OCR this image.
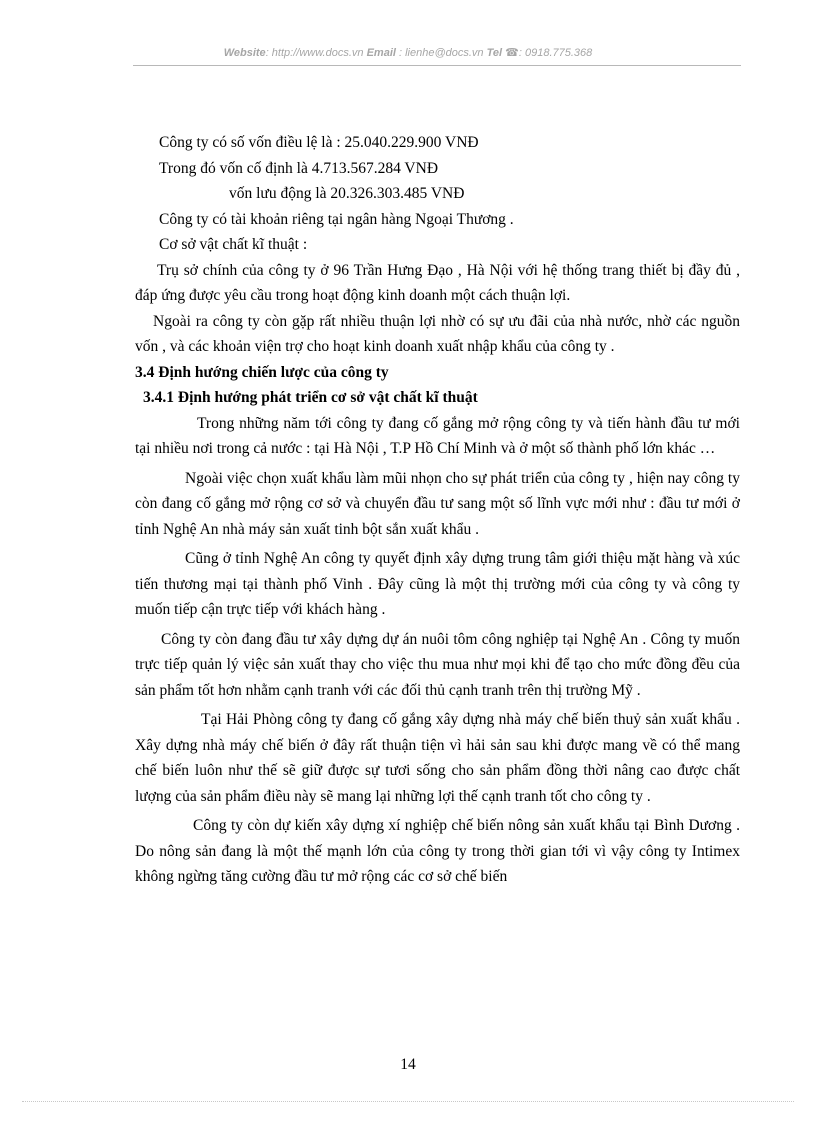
Website: http://www.docs.vn Email : lienhe@docs.vn Tel ☎: 0918.775.368

Công ty có số vốn điều lệ là : 25.040.229.900 VNĐ

Trong đó vốn cố định là 4.713.567.284 VNĐ

vốn lưu động là 20.326.303.485 VNĐ

Công ty có tài khoản riêng tại ngân hàng Ngoại Thương .

Cơ sở vật chất kĩ thuật :

Trụ sở chính của công ty ở 96 Trần Hưng Đạo , Hà Nội với hệ thống trang thiết bị đầy đủ , đáp ứng được yêu cầu trong hoạt động kinh doanh một cách thuận lợi.

Ngoài ra công ty còn gặp rất nhiều thuận lợi nhờ có sự ưu đãi của nhà nước, nhờ các nguồn vốn , và các khoản viện trợ cho hoạt kinh doanh xuất nhập khẩu của công ty .

3.4 Định hướng chiến lược của công ty

3.4.1 Định hướng phát triển cơ sở vật chất kĩ thuật

Trong những năm tới công ty đang cố gắng mở rộng công ty và tiến hành đầu tư mới tại nhiều nơi trong cả nước : tại Hà Nội , T.P Hồ Chí Minh và ở một số thành phố lớn khác …

Ngoài việc chọn xuất khẩu làm mũi nhọn cho sự phát triển của công ty , hiện nay công ty còn đang cố gắng mở rộng cơ sở và chuyển đầu tư sang một số lĩnh vực mới như : đầu tư mới ở tỉnh Nghệ An nhà máy sản xuất tinh bột sắn xuất khẩu .

Cũng ở tỉnh Nghệ An công ty quyết định xây dựng trung tâm giới thiệu mặt hàng và xúc tiến thương mại tại thành phố Vinh . Đây cũng là một thị trường mới của công ty và công ty muốn tiếp cận trực tiếp với khách hàng .

Công ty còn đang đầu tư xây dựng dự án nuôi tôm công nghiệp tại Nghệ An . Công ty muốn trực tiếp quản lý việc sản xuất thay cho việc thu mua như mọi khi để tạo cho mức đồng đều của sản phẩm tốt hơn nhằm cạnh tranh với các đối thủ cạnh tranh trên thị trường Mỹ .

Tại Hải Phòng công ty đang cố gắng xây dựng nhà máy chế biến thuỷ sản xuất khẩu . Xây dựng nhà máy chế biến ở đây rất thuận tiện vì hải sản sau khi được mang về có thể mang chế biến luôn như thế sẽ giữ được sự tươi sống cho sản phẩm đồng thời nâng cao được chất lượng của sản phẩm điều này sẽ mang lại những lợi thế cạnh tranh tốt cho công ty .

Công ty còn dự kiến xây dựng xí nghiệp chế biến nông sản xuất khẩu tại Bình Dương . Do nông sản đang là một thế mạnh lớn của công ty trong thời gian tới vì vậy công ty Intimex không ngừng tăng cường đầu tư mở rộng các cơ sở chế biến

14
